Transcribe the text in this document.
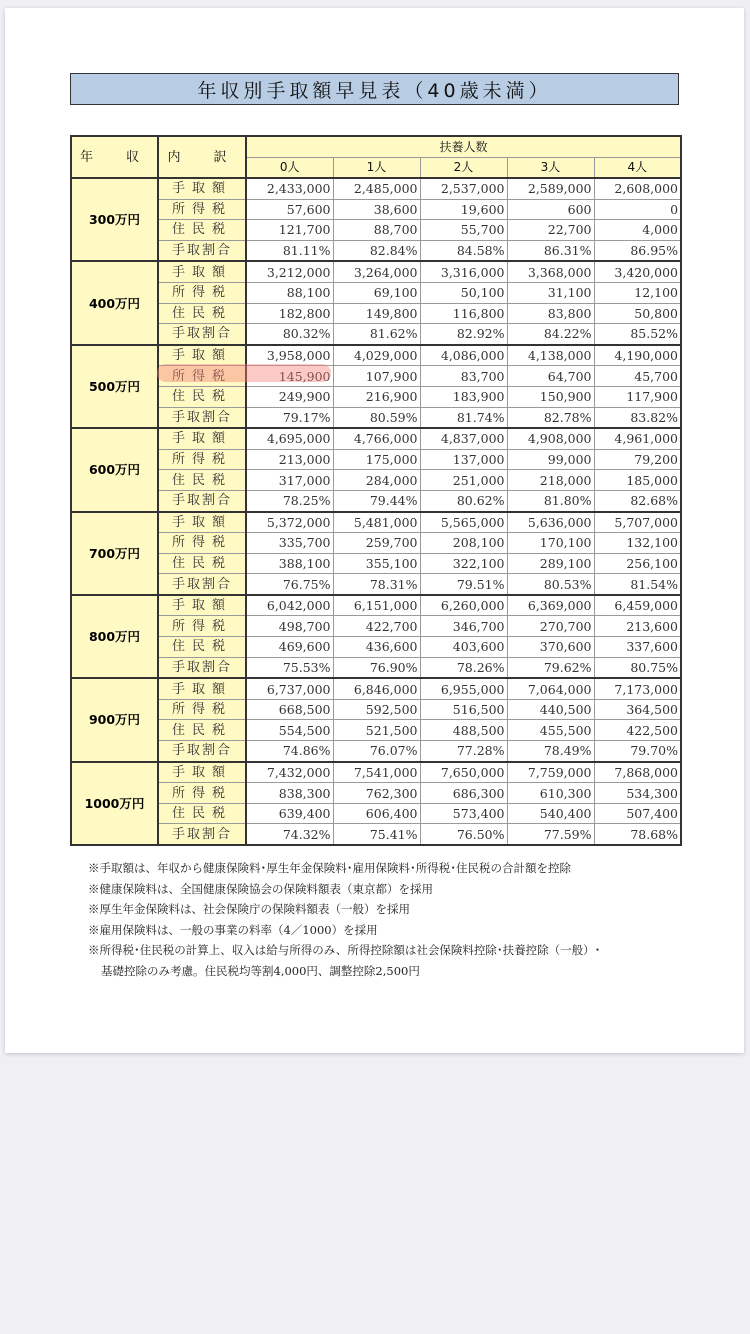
年収別手取額早見表（40歳未満）
年　収	内　訳	扶養人数				
		0人	1人	2人	3人	4人
300万円	手取額	2,433,000	2,485,000	2,537,000	2,589,000	2,608,000
	所得税	57,600	38,600	19,600	600	0
	住民税	121,700	88,700	55,700	22,700	4,000
	手取割合	81.11%	82.84%	84.58%	86.31%	86.95%
400万円	手取額	3,212,000	3,264,000	3,316,000	3,368,000	3,420,000
	所得税	88,100	69,100	50,100	31,100	12,100
	住民税	182,800	149,800	116,800	83,800	50,800
	手取割合	80.32%	81.62%	82.92%	84.22%	85.52%
500万円	手取額	3,958,000	4,029,000	4,086,000	4,138,000	4,190,000
	所得税	145,900	107,900	83,700	64,700	45,700
	住民税	249,900	216,900	183,900	150,900	117,900
	手取割合	79.17%	80.59%	81.74%	82.78%	83.82%
600万円	手取額	4,695,000	4,766,000	4,837,000	4,908,000	4,961,000
	所得税	213,000	175,000	137,000	99,000	79,200
	住民税	317,000	284,000	251,000	218,000	185,000
	手取割合	78.25%	79.44%	80.62%	81.80%	82.68%
700万円	手取額	5,372,000	5,481,000	5,565,000	5,636,000	5,707,000
	所得税	335,700	259,700	208,100	170,100	132,100
	住民税	388,100	355,100	322,100	289,100	256,100
	手取割合	76.75%	78.31%	79.51%	80.53%	81.54%
800万円	手取額	6,042,000	6,151,000	6,260,000	6,369,000	6,459,000
	所得税	498,700	422,700	346,700	270,700	213,600
	住民税	469,600	436,600	403,600	370,600	337,600
	手取割合	75.53%	76.90%	78.26%	79.62%	80.75%
900万円	手取額	6,737,000	6,846,000	6,955,000	7,064,000	7,173,000
	所得税	668,500	592,500	516,500	440,500	364,500
	住民税	554,500	521,500	488,500	455,500	422,500
	手取割合	74.86%	76.07%	77.28%	78.49%	79.70%
1000万円	手取額	7,432,000	7,541,000	7,650,000	7,759,000	7,868,000
	所得税	838,300	762,300	686,300	610,300	534,300
	住民税	639,400	606,400	573,400	540,400	507,400
	手取割合	74.32%	75.41%	76.50%	77.59%	78.68%
※手取額は、年収から健康保険料･厚生年金保険料･雇用保険料･所得税･住民税の合計額を控除
※健康保険料は、全国健康保険協会の保険料額表（東京都）を採用
※厚生年金保険料は、社会保険庁の保険料額表（一般）を採用
※雇用保険料は、一般の事業の料率（4／1000）を採用
※所得税･住民税の計算上、収入は給与所得のみ、所得控除額は社会保険料控除･扶養控除（一般）･
基礎控除のみ考慮。住民税均等割4,000円、調整控除2,500円
